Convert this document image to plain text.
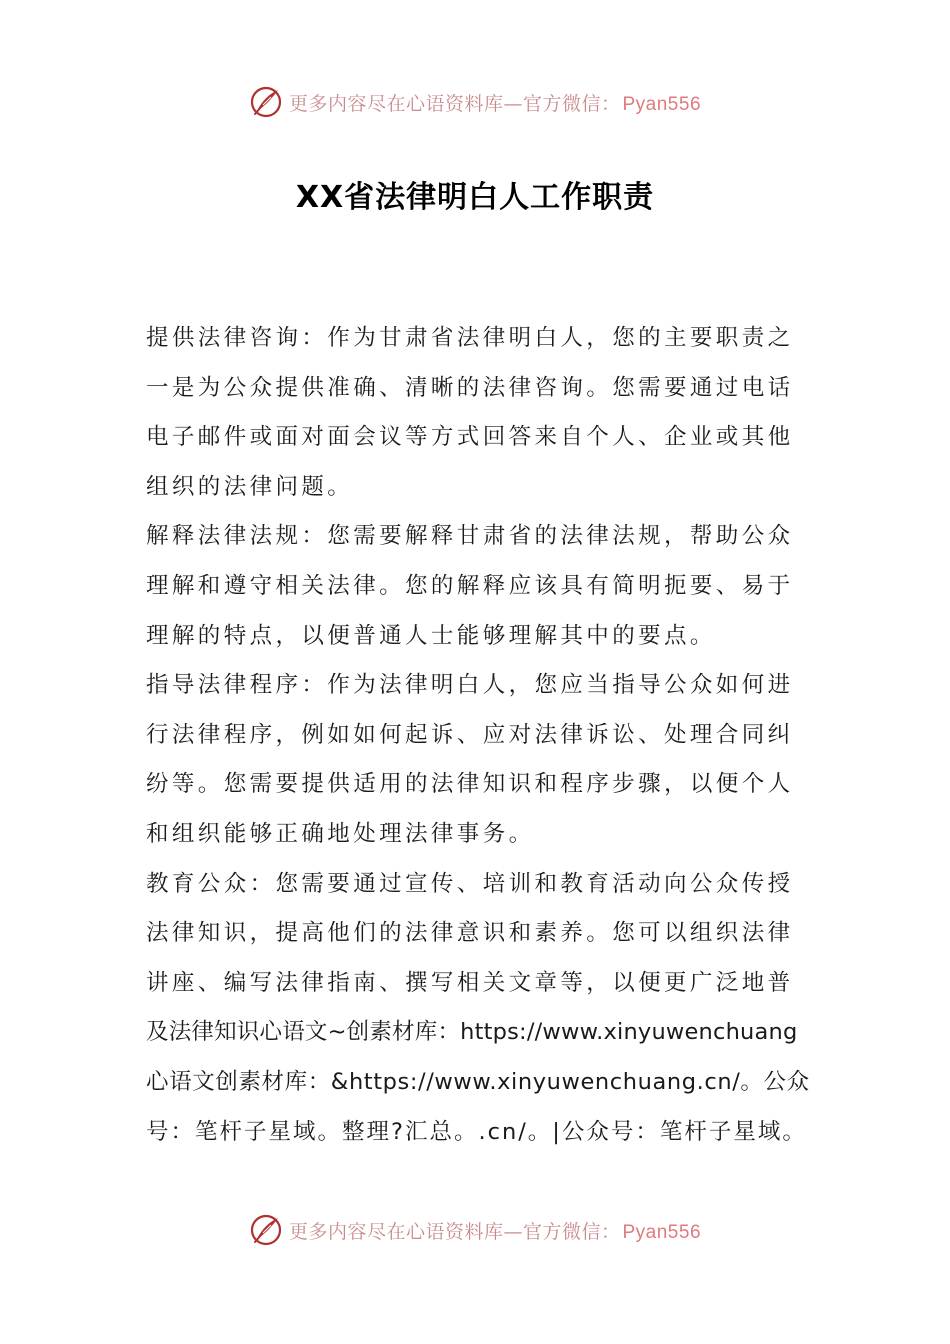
更多内容尽在心语资料库—官方微信： Pyan556
XX省法律明白人工作职责
提供法律咨询：作为甘肃省法律明白人，您的主要职责之
一是为公众提供准确、清晰的法律咨询。您需要通过电话
电子邮件或面对面会议等方式回答来自个人、企业或其他
组织的法律问题。
解释法律法规：您需要解释甘肃省的法律法规，帮助公众
理解和遵守相关法律。您的解释应该具有简明扼要、易于
理解的特点，以便普通人士能够理解其中的要点。
指导法律程序：作为法律明白人，您应当指导公众如何进
行法律程序，例如如何起诉、应对法律诉讼、处理合同纠
纷等。您需要提供适用的法律知识和程序步骤，以便个人
和组织能够正确地处理法律事务。
教育公众：您需要通过宣传、培训和教育活动向公众传授
法律知识，提高他们的法律意识和素养。您可以组织法律
讲座、编写法律指南、撰写相关文章等，以便更广泛地普
及法律知识心语文~创素材库：https://www.xinyuwenchuang
心语文创素材库：&https://www.xinyuwenchuang.cn/。公众
号：笔杆子星域。整理?汇总。.cn/。|公众号：笔杆子星域。
更多内容尽在心语资料库—官方微信： Pyan556
